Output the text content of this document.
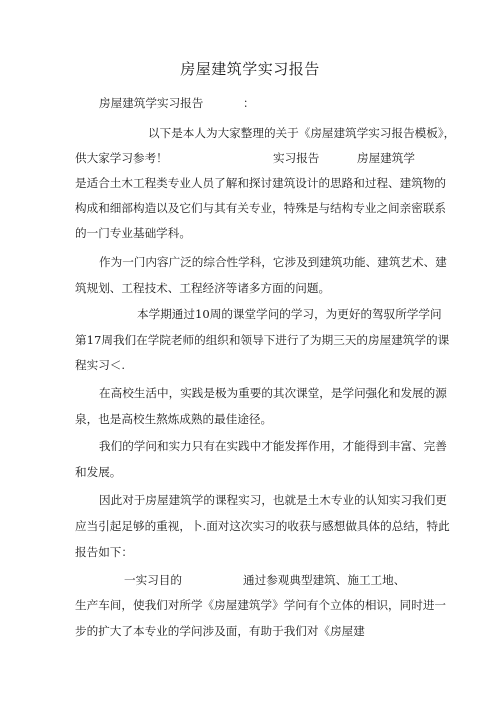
房屋建筑学实习报告
房屋建筑学实习报告	：
以下是本人为大家整理的关于《房屋建筑学实习报告模板》，
供大家学习参考！	实习报告	房屋建筑学
是适合土木工程类专业人员了解和探讨建筑设计的思路和过程、建筑物的
构成和细部构造以及它们与其有关专业，特殊是与结构专业之间亲密联系
的一门专业基础学科。
作为一门内容广泛的综合性学科，它涉及到建筑功能、建筑艺术、建
筑规划、工程技术、工程经济等诸多方面的问题。
本学期通过10周的课堂学问的学习，为更好的驾驭所学学问
第17周我们在学院老师的组织和领导下进行了为期三天的房屋建筑学的课
程实习＜.
在高校生活中，实践是极为重要的其次课堂，是学问强化和发展的源
泉，也是高校生熬炼成熟的最佳途径。
我们的学问和实力只有在实践中才能发挥作用，才能得到丰富、完善
和发展。
因此对于房屋建筑学的课程实习，也就是土木专业的认知实习我们更
应当引起足够的重视，卜.面对这次实习的收获与感想做具体的总结，特此
报告如下：
一实习目的	通过参观典型建筑、施工工地、
生产车间，使我们对所学《房屋建筑学》学问有个立体的相识，同时进一
步的扩大了本专业的学问涉及面，有助于我们对《房屋建
